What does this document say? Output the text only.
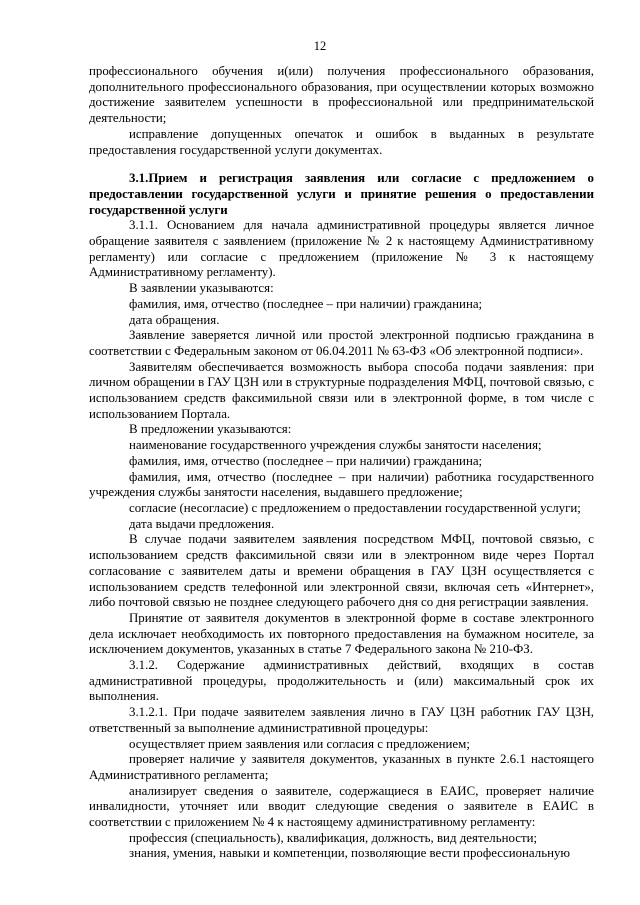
12

профессионального обучения и(или) получения профессионального образования, дополнительного профессионального образования, при осуществлении которых возможно достижение заявителем успешности в профессиональной или предпринимательской деятельности;

исправление допущенных опечаток и ошибок в выданных в результате предоставления государственной услуги документах.

3.1.Прием и регистрация заявления или согласие с предложением о предоставлении государственной услуги и принятие решения о предоставлении государственной услуги

3.1.1. Основанием для начала административной процедуры является личное обращение заявителя с заявлением (приложение № 2 к настоящему Административному регламенту) или согласие с предложением (приложение № 3 к настоящему Административному регламенту).

В заявлении указываются:

фамилия, имя, отчество (последнее – при наличии) гражданина;

дата обращения.

Заявление заверяется личной или простой электронной подписью гражданина в соответствии с Федеральным законом от 06.04.2011 № 63-ФЗ «Об электронной подписи».

Заявителям обеспечивается возможность выбора способа подачи заявления: при личном обращении в ГАУ ЦЗН или в структурные подразделения МФЦ, почтовой связью, с использованием средств факсимильной связи или в электронной форме, в том числе с использованием Портала.

В предложении указываются:

наименование государственного учреждения службы занятости населения;

фамилия, имя, отчество (последнее – при наличии) гражданина;

фамилия, имя, отчество (последнее – при наличии) работника государственного учреждения службы занятости населения, выдавшего предложение;

согласие (несогласие) с предложением о предоставлении государственной услуги;

дата выдачи предложения.

В случае подачи заявителем заявления посредством МФЦ, почтовой связью, с использованием средств факсимильной связи или в электронном виде через Портал согласование с заявителем даты и времени обращения в ГАУ ЦЗН осуществляется с использованием средств телефонной или электронной связи, включая сеть «Интернет», либо почтовой связью не позднее следующего рабочего дня со дня регистрации заявления.

Принятие от заявителя документов в электронной форме в составе электронного дела исключает необходимость их повторного предоставления на бумажном носителе, за исключением документов, указанных в статье 7 Федерального закона № 210-ФЗ.

3.1.2. Содержание административных действий, входящих в состав административной процедуры, продолжительность и (или) максимальный срок их выполнения.

3.1.2.1. При подаче заявителем заявления лично в ГАУ ЦЗН работник ГАУ ЦЗН, ответственный за выполнение административной процедуры:

осуществляет прием заявления или согласия с предложением;

проверяет наличие у заявителя документов, указанных в пункте 2.6.1 настоящего Административного регламента;

анализирует сведения о заявителе, содержащиеся в ЕАИС, проверяет наличие инвалидности, уточняет или вводит следующие сведения о заявителе в ЕАИС в соответствии с приложением № 4 к настоящему административному регламенту:

профессия (специальность), квалификация, должность, вид деятельности;

знания, умения, навыки и компетенции, позволяющие вести профессиональную
